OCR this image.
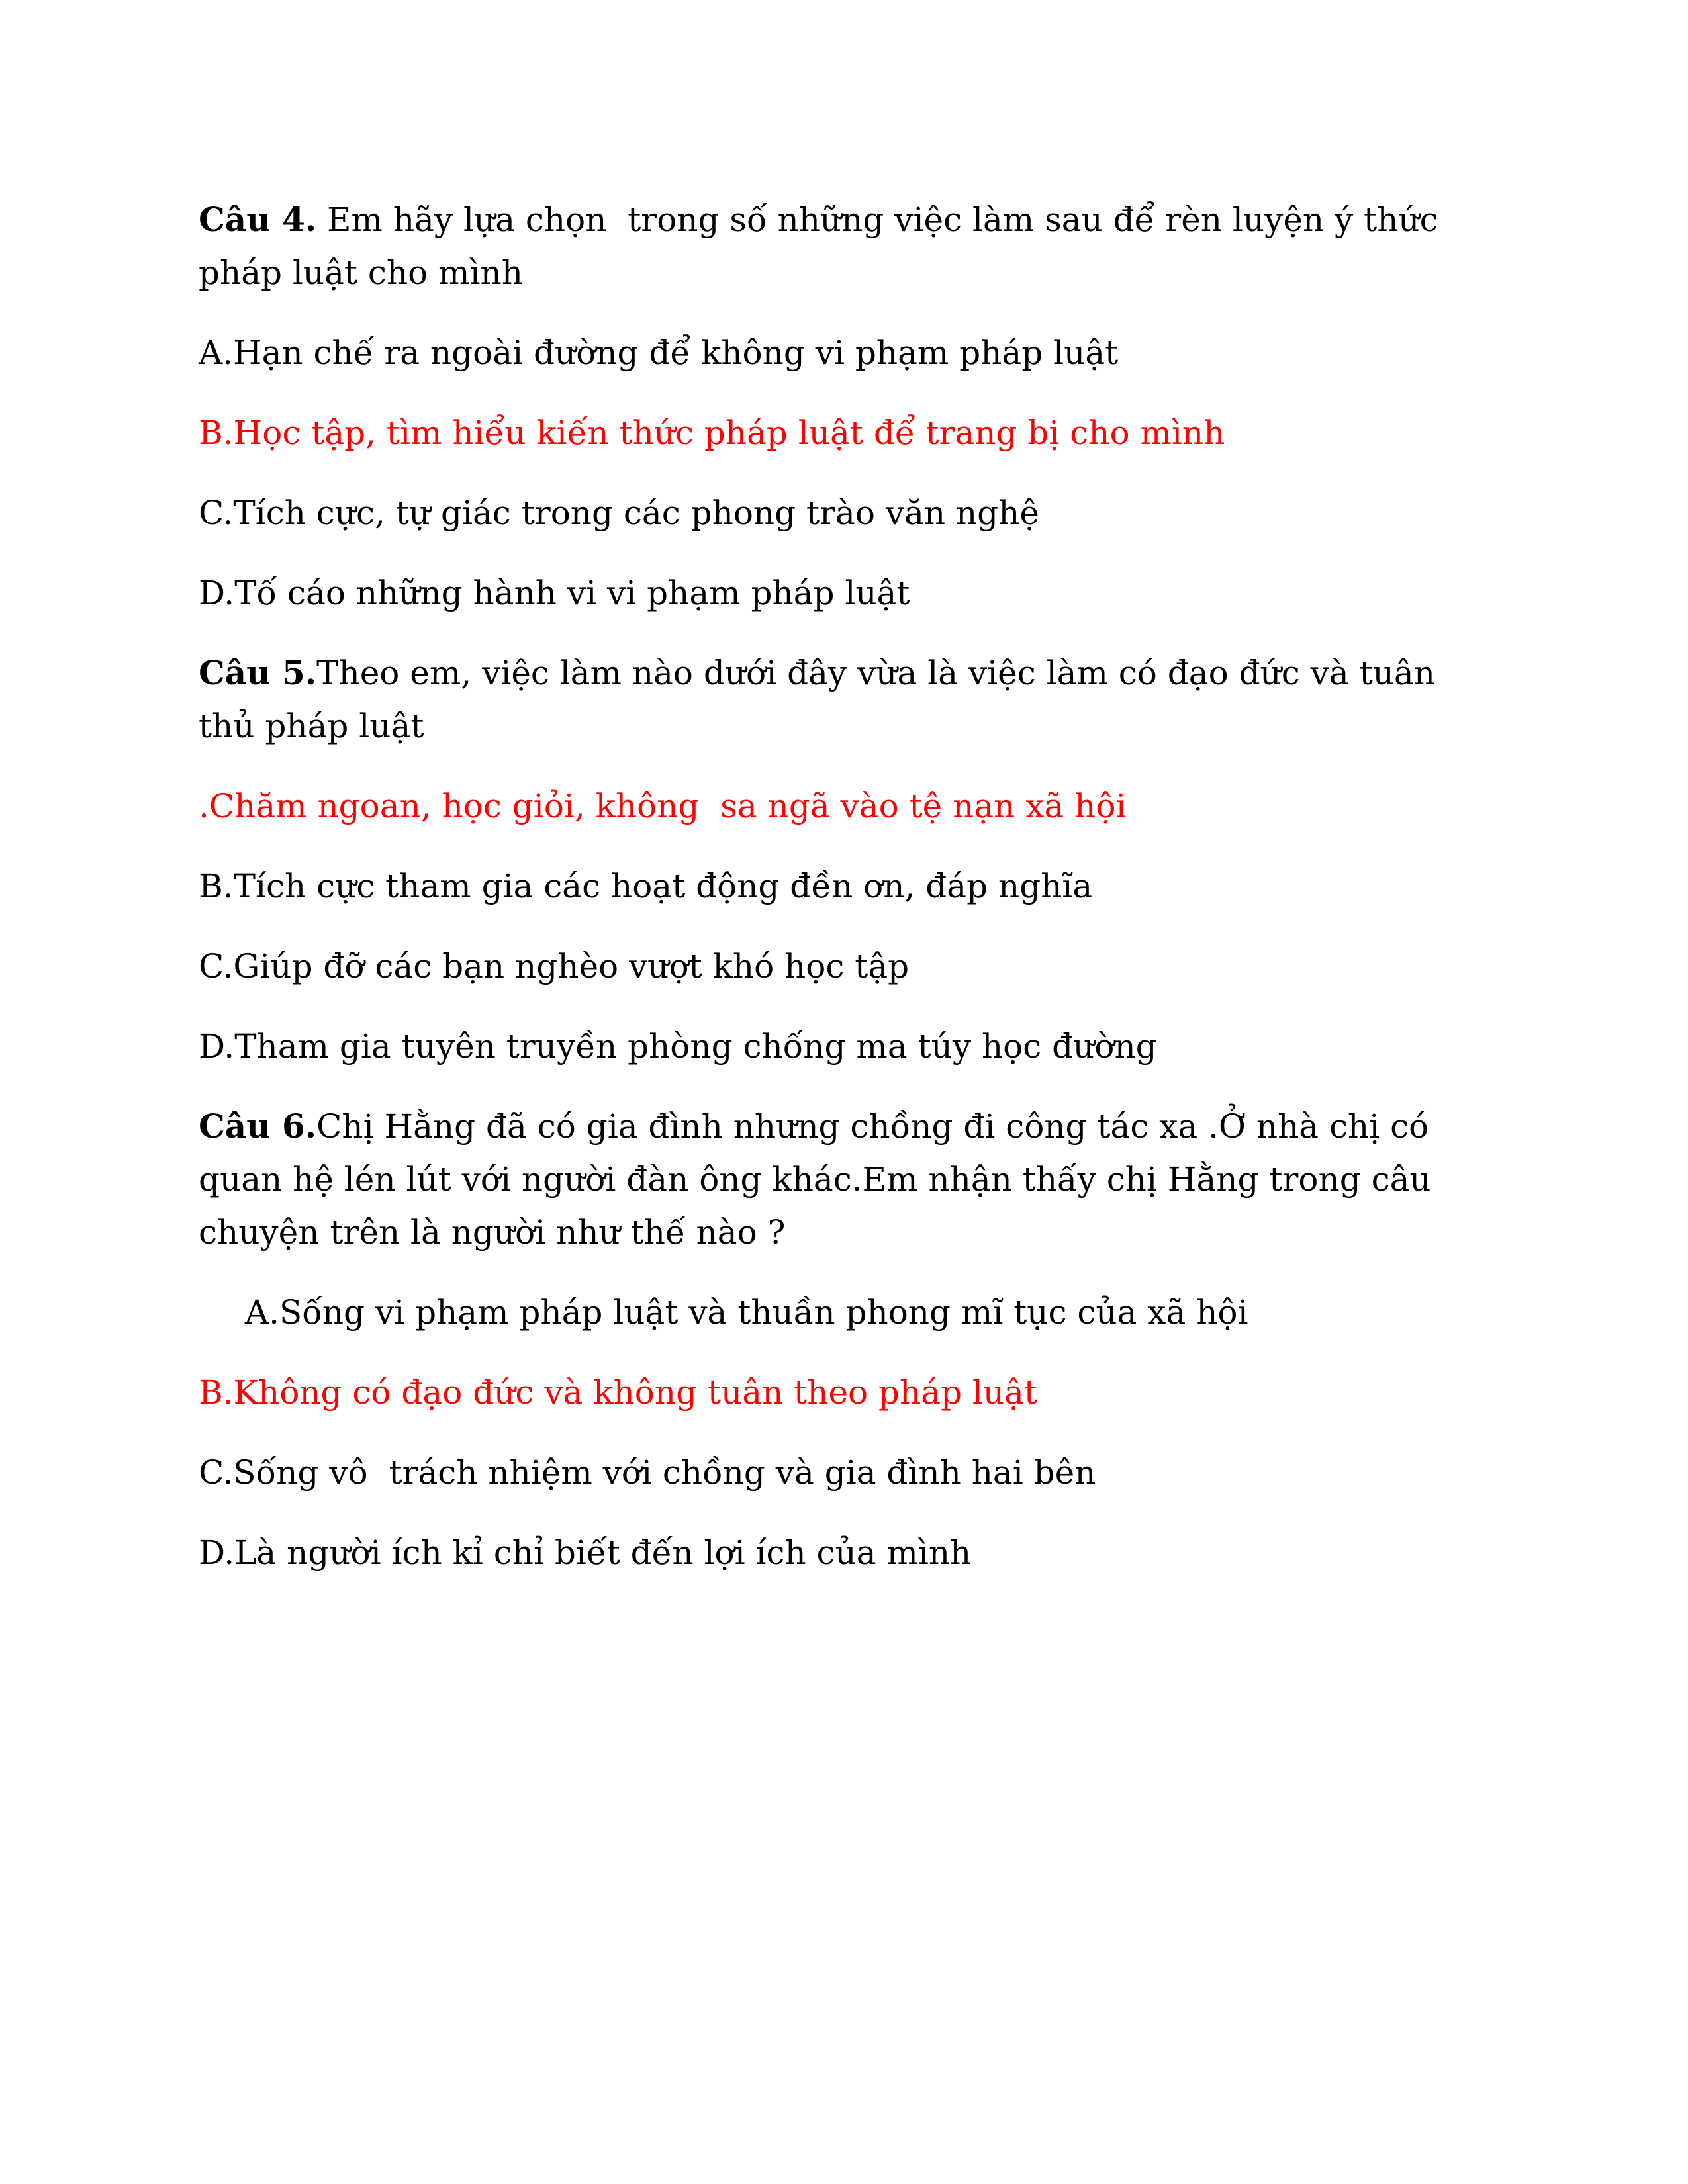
Câu 4. Em hãy lựa chọn  trong số những việc làm sau để rèn luyện ý thức pháp luật cho mình

A.Hạn chế ra ngoài đường để không vi phạm pháp luật

B.Học tập, tìm hiểu kiến thức pháp luật để trang bị cho mình

C.Tích cực, tự giác trong các phong trào văn nghệ

D.Tố cáo những hành vi vi phạm pháp luật

Câu 5.Theo em, việc làm nào dưới đây vừa là việc làm có đạo đức và tuân thủ pháp luật

.Chăm ngoan, học giỏi, không  sa ngã vào tệ nạn xã hội

B.Tích cực tham gia các hoạt động đền ơn, đáp nghĩa

C.Giúp đỡ các bạn nghèo vượt khó học tập

D.Tham gia tuyên truyền phòng chống ma túy học đường

Câu 6.Chị Hằng đã có gia đình nhưng chồng đi công tác xa .Ở nhà chị có quan hệ lén lút với người đàn ông khác.Em nhận thấy chị Hằng trong câu chuyện trên là người như thế nào ?

A.Sống vi phạm pháp luật và thuần phong mĩ tục của xã hội

B.Không có đạo đức và không tuân theo pháp luật

C.Sống vô  trách nhiệm với chồng và gia đình hai bên

D.Là người ích kỉ chỉ biết đến lợi ích của mình
